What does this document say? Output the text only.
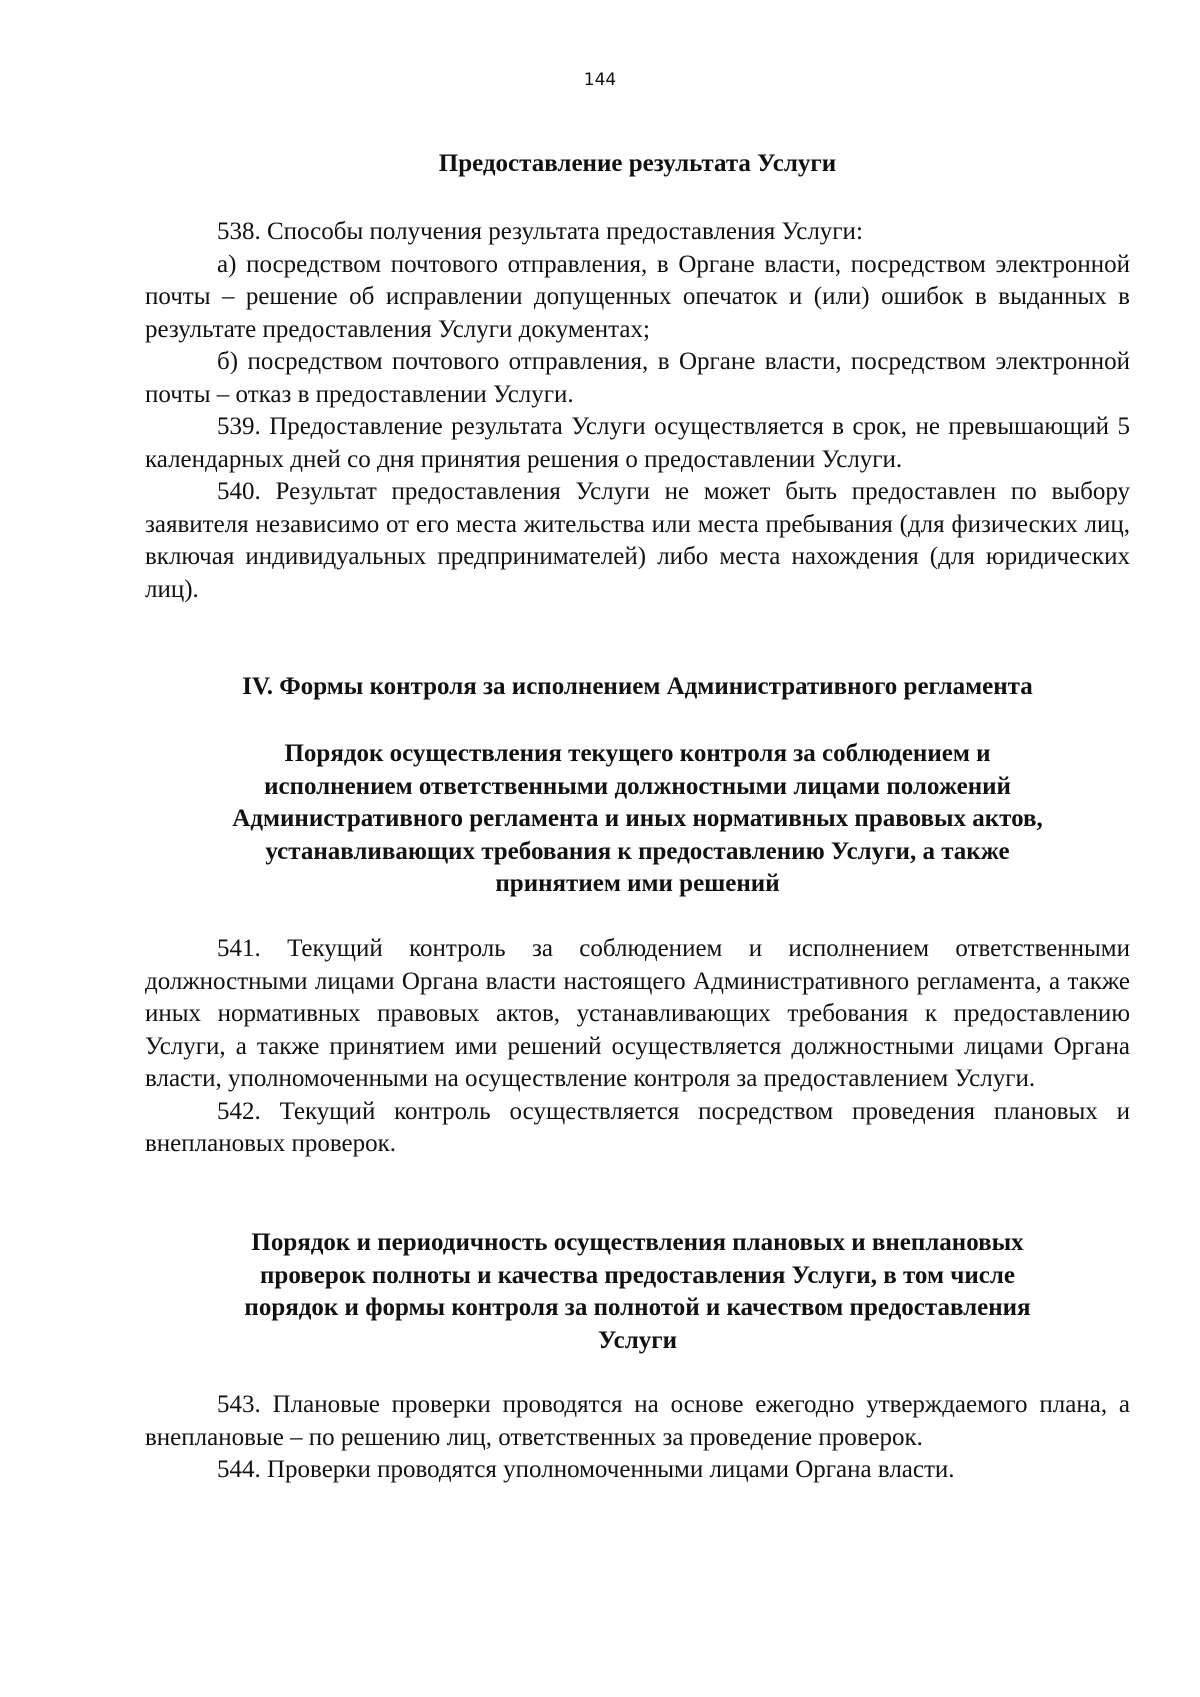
144

Предоставление результата Услуги

538. Способы получения результата предоставления Услуги:

а) посредством почтового отправления, в Органе власти, посредством электронной почты – решение об исправлении допущенных опечаток и (или) ошибок в выданных в результате предоставления Услуги документах;

б) посредством почтового отправления, в Органе власти, посредством электронной почты – отказ в предоставлении Услуги.

539. Предоставление результата Услуги осуществляется в срок, не превышающий 5 календарных дней со дня принятия решения о предоставлении Услуги.

540. Результат предоставления Услуги не может быть предоставлен по выбору заявителя независимо от его места жительства или места пребывания (для физических лиц, включая индивидуальных предпринимателей) либо места нахождения (для юридических лиц).

IV. Формы контроля за исполнением Административного регламента

Порядок осуществления текущего контроля за соблюдением и
исполнением ответственными должностными лицами положений
Административного регламента и иных нормативных правовых актов,
устанавливающих требования к предоставлению Услуги, а также
принятием ими решений

541. Текущий контроль за соблюдением и исполнением ответственными должностными лицами Органа власти настоящего Административного регламента, а также иных нормативных правовых актов, устанавливающих требования к предоставлению Услуги, а также принятием ими решений осуществляется должностными лицами Органа власти, уполномоченными на осуществление контроля за предоставлением Услуги.

542. Текущий контроль осуществляется посредством проведения плановых и внеплановых проверок.

Порядок и периодичность осуществления плановых и внеплановых
проверок полноты и качества предоставления Услуги, в том числе
порядок и формы контроля за полнотой и качеством предоставления
Услуги

543. Плановые проверки проводятся на основе ежегодно утверждаемого плана, а внеплановые – по решению лиц, ответственных за проведение проверок.

544. Проверки проводятся уполномоченными лицами Органа власти.
